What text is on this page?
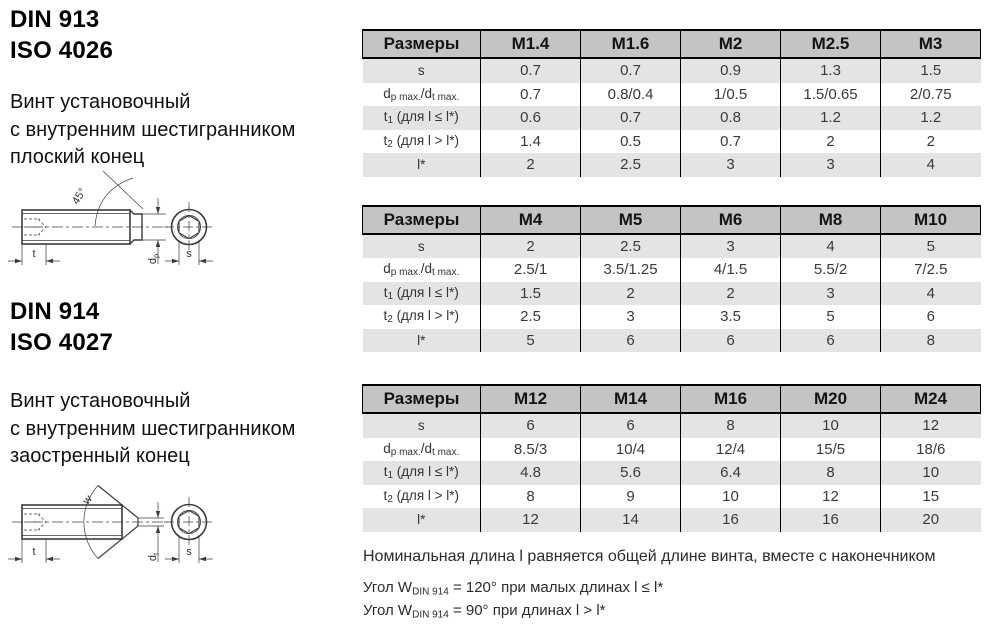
DIN 913
ISO 4026
Винт установочный
с внутренним шестигранником
плоский конец
45°
t
$d_p$ s
DIN 914
ISO 4027
Винт установочный
с внутренним шестигранником
заостренный конец
w
t
$d_t$ s
Размеры	M1.4	M1.6	M2	M2.5	M3
s	0.7	0.7	0.9	1.3	1.5
$d_{p max.}/d_{t max.}$	0.7	0.8/0.4	1/0.5	1.5/0.65	2/0.75
$t_1$ (для l ≤ l*)	0.6	0.7	0.8	1.2	1.2
$t_2$ (для l > l*)	1.4	0.5	0.7	2	2
l*	2	2.5	3	3	4
Размеры	M4	M5	M6	M8	M10
s	2	2.5	3	4	5
$d_{p max.}/d_{t max.}$	2.5/1	3.5/1.25	4/1.5	5.5/2	7/2.5
$t_1$ (для l ≤ l*)	1.5	2	2	3	4
$t_2$ (для l > l*)	2.5	3	3.5	5	6
l*	5	6	6	6	8
Размеры	M12	M14	M16	M20	M24
s	6	6	8	10	12
$d_{p max.}/d_{t max.}$	8.5/3	10/4	12/4	15/5	18/6
$t_1$ (для l ≤ l*)	4.8	5.6	6.4	8	10
$t_2$ (для l > l*)	8	9	10	12	15
l*	12	14	16	16	20
Номинальная длина l равняется общей длине винта, вместе с наконечником
Угол $W_{DIN 914} = 120^\circ$ при малых длинах l ≤ l*
Угол $W_{DIN 914} = 90^\circ$ при длинах l > l*
